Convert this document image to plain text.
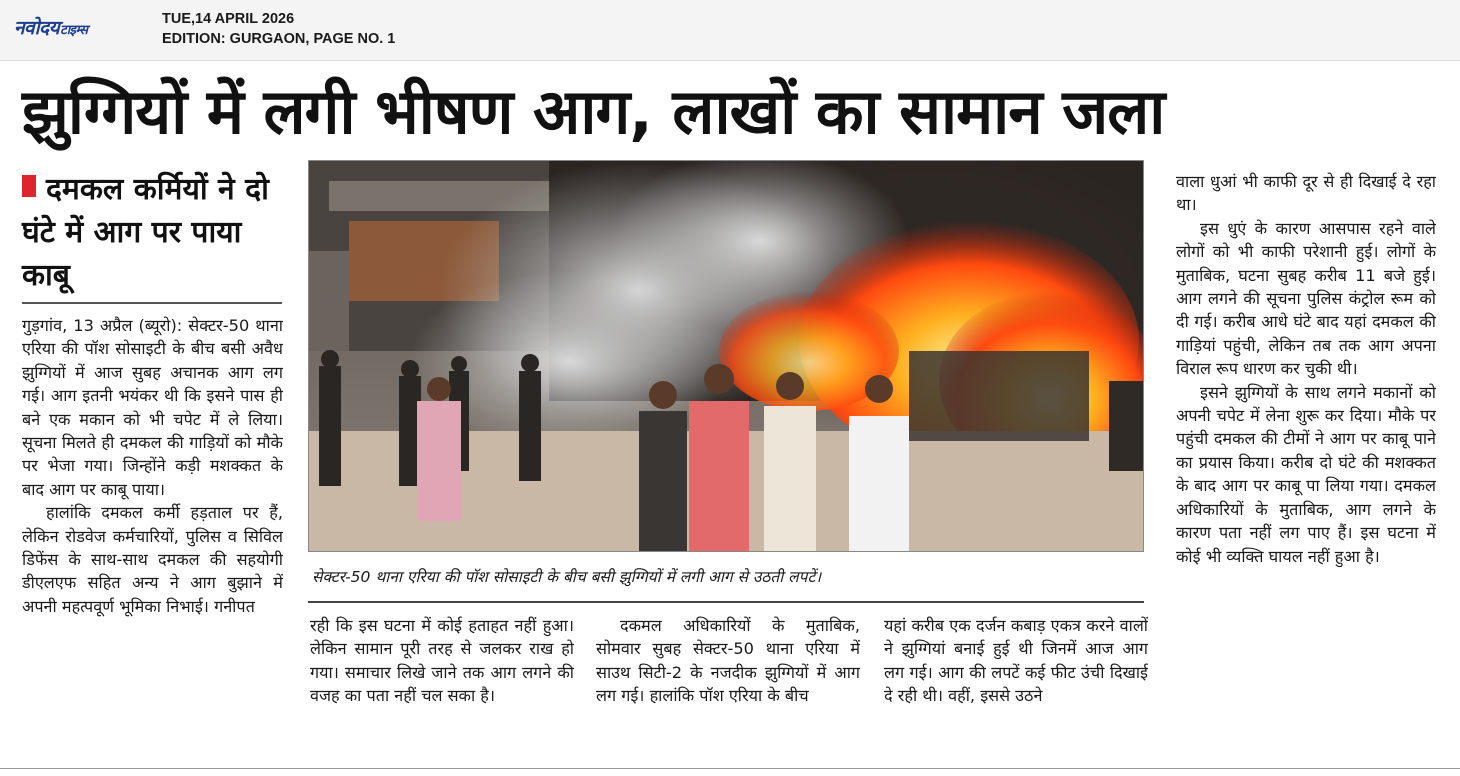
नवोदयटाइम्स
TUE,14 APRIL 2026
EDITION: GURGAON, PAGE NO. 1
झुग्गियों में लगी भीषण आग, लाखों का सामान जला
दमकल कर्मियों ने दो घंटे में आग पर पाया काबू

गुड़गांव, 13 अप्रैल (ब्यूरो): सेक्टर-50 थाना एरिया की पॉश सोसाइटी के बीच बसी अवैध झुग्गियों में आज सुबह अचानक आग लग गई। आग इतनी भयंकर थी कि इसने पास ही बने एक मकान को भी चपेट में ले लिया। सूचना मिलते ही दमकल की गाड़ियों को मौके पर भेजा गया। जिन्होंने कड़ी मशक्कत के बाद आग पर काबू पाया।

हालांकि दमकल कर्मी हड़ताल पर हैं, लेकिन रोडवेज कर्मचारियों, पुलिस व सिविल डिफेंस के साथ-साथ दमकल की सहयोगी डीएलएफ सहित अन्य ने आग बुझाने में अपनी महत्पवूर्ण भूमिका निभाई। गनीपत

सेक्टर-50 थाना एरिया की पॉश सोसाइटी के बीच बसी झुग्गियों में लगी आग से उठती लपटें।

रही कि इस घटना में कोई हताहत नहीं हुआ। लेकिन सामान पूरी तरह से जलकर राख हो गया। समाचार लिखे जाने तक आग लगने की वजह का पता नहीं चल सका है।

दकमल अधिकारियों के मुताबिक, सोमवार सुबह सेक्टर-50 थाना एरिया में साउथ सिटी-2 के नजदीक झुग्गियों में आग लग गई। हालांकि पॉश एरिया के बीच

यहां करीब एक दर्जन कबाड़ एकत्र करने वालों ने झुग्गियां बनाई हुई थी जिनमें आज आग लग गई। आग की लपटें कई फीट उंची दिखाई दे रही थी। वहीं, इससे उठने

वाला धुआं भी काफी दूर से ही दिखाई दे रहा था।

इस धुएं के कारण आसपास रहने वाले लोगों को भी काफी परेशानी हुई। लोगों के मुताबिक, घटना सुबह करीब 11 बजे हुई। आग लगने की सूचना पुलिस कंट्रोल रूम को दी गई। करीब आधे घंटे बाद यहां दमकल की गाड़ियां पहुंची, लेकिन तब तक आग अपना विराल रूप धारण कर चुकी थी।

इसने झुग्गियों के साथ लगने मकानों को अपनी चपेट में लेना शुरू कर दिया। मौके पर पहुंची दमकल की टीमों ने आग पर काबू पाने का प्रयास किया। करीब दो घंटे की मशक्कत के बाद आग पर काबू पा लिया गया। दमकल अधिकारियों के मुताबिक, आग लगने के कारण पता नहीं लग पाए हैं। इस घटना में कोई भी व्यक्ति घायल नहीं हुआ है।
